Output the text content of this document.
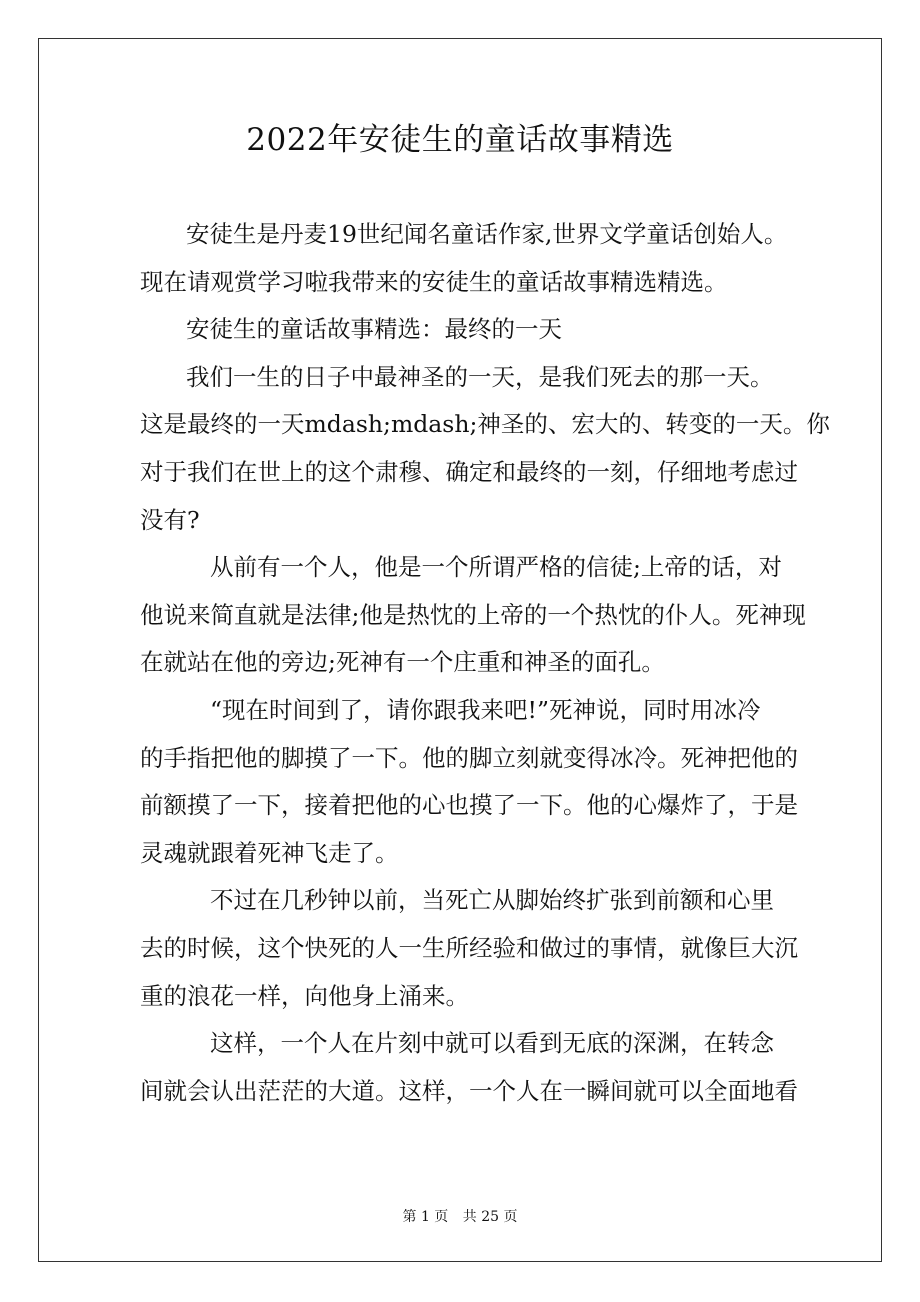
2022年安徒生的童话故事精选
安徒生是丹麦19世纪闻名童话作家,世界文学童话创始人。
现在请观赏学习啦我带来的安徒生的童话故事精选精选。
安徒生的童话故事精选：最终的一天
我们一生的日子中最神圣的一天，是我们死去的那一天。
这是最终的一天mdash;mdash;神圣的、宏大的、转变的一天。你
对于我们在世上的这个肃穆、确定和最终的一刻，仔细地考虑过
没有?
从前有一个人，他是一个所谓严格的信徒;上帝的话，对
他说来简直就是法律;他是热忱的上帝的一个热忱的仆人。死神现
在就站在他的旁边;死神有一个庄重和神圣的面孔。
“现在时间到了，请你跟我来吧!”死神说，同时用冰冷
的手指把他的脚摸了一下。他的脚立刻就变得冰冷。死神把他的
前额摸了一下，接着把他的心也摸了一下。他的心爆炸了，于是
灵魂就跟着死神飞走了。
不过在几秒钟以前，当死亡从脚始终扩张到前额和心里
去的时候，这个快死的人一生所经验和做过的事情，就像巨大沉
重的浪花一样，向他身上涌来。
这样，一个人在片刻中就可以看到无底的深渊，在转念
间就会认出茫茫的大道。这样，一个人在一瞬间就可以全面地看
第 1 页 共 25 页
